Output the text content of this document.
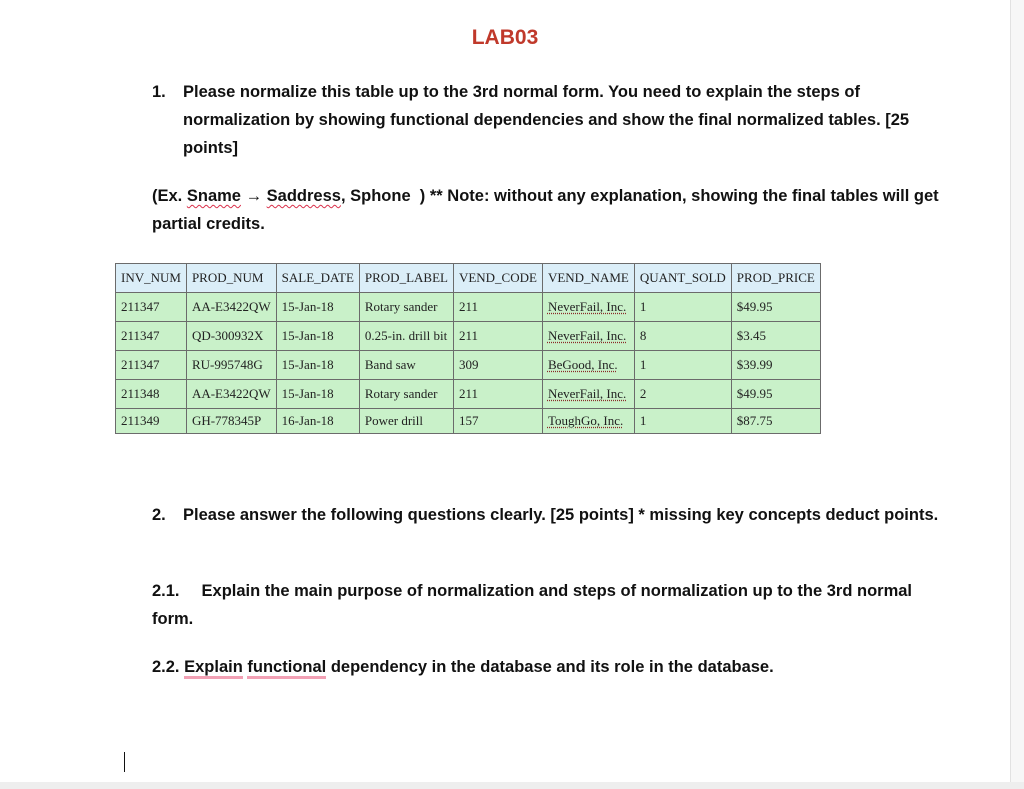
LAB03
1. Please normalize this table up to the 3rd normal form. You need to explain the steps of normalization by showing functional dependencies and show the final normalized tables. [25 points]
(Ex. Sname → Saddress, Sphone  ) ** Note: without any explanation, showing the final tables will get partial credits.
INV_NUM	PROD_NUM	SALE_DATE	PROD_LABEL	VEND_CODE	VEND_NAME	QUANT_SOLD	PROD_PRICE
211347	AA-E3422QW	15-Jan-18	Rotary sander	211	NeverFail, Inc.	1	$49.95
211347	QD-300932X	15-Jan-18	0.25-in. drill bit	211	NeverFail, Inc.	8	$3.45
211347	RU-995748G	15-Jan-18	Band saw	309	BeGood, Inc.	1	$39.99
211348	AA-E3422QW	15-Jan-18	Rotary sander	211	NeverFail, Inc.	2	$49.95
211349	GH-778345P	16-Jan-18	Power drill	157	ToughGo, Inc.	1	$87.75
2. Please answer the following questions clearly. [25 points] * missing key concepts deduct points.
2.1. Explain the main purpose of normalization and steps of normalization up to the 3rd normal form.
2.2. Explain functional dependency in the database and its role in the database.
